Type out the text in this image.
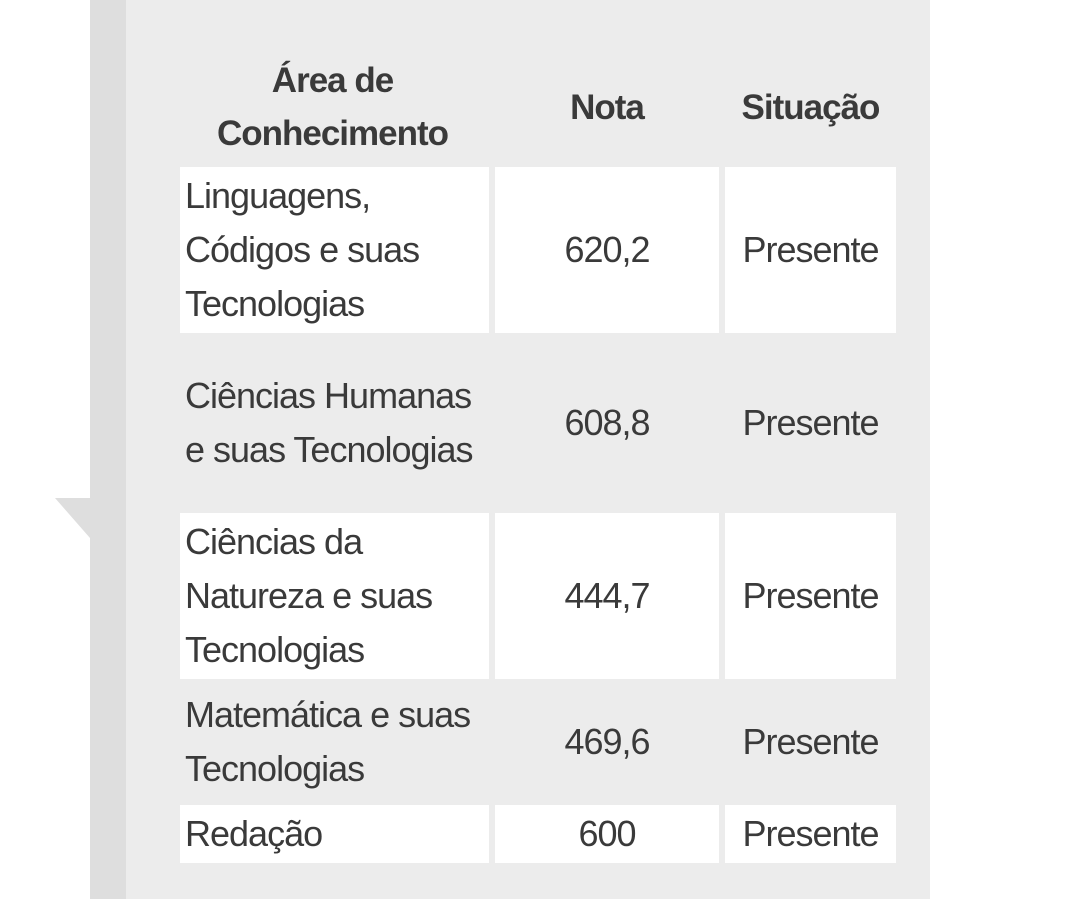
Área de Conhecimento	Nota	Situação
Linguagens, Códigos e suas Tecnologias	620,2	Presente
Ciências Humanas e suas Tecnologias	608,8	Presente
Ciências da Natureza e suas Tecnologias	444,7	Presente
Matemática e suas Tecnologias	469,6	Presente
Redação	600	Presente
